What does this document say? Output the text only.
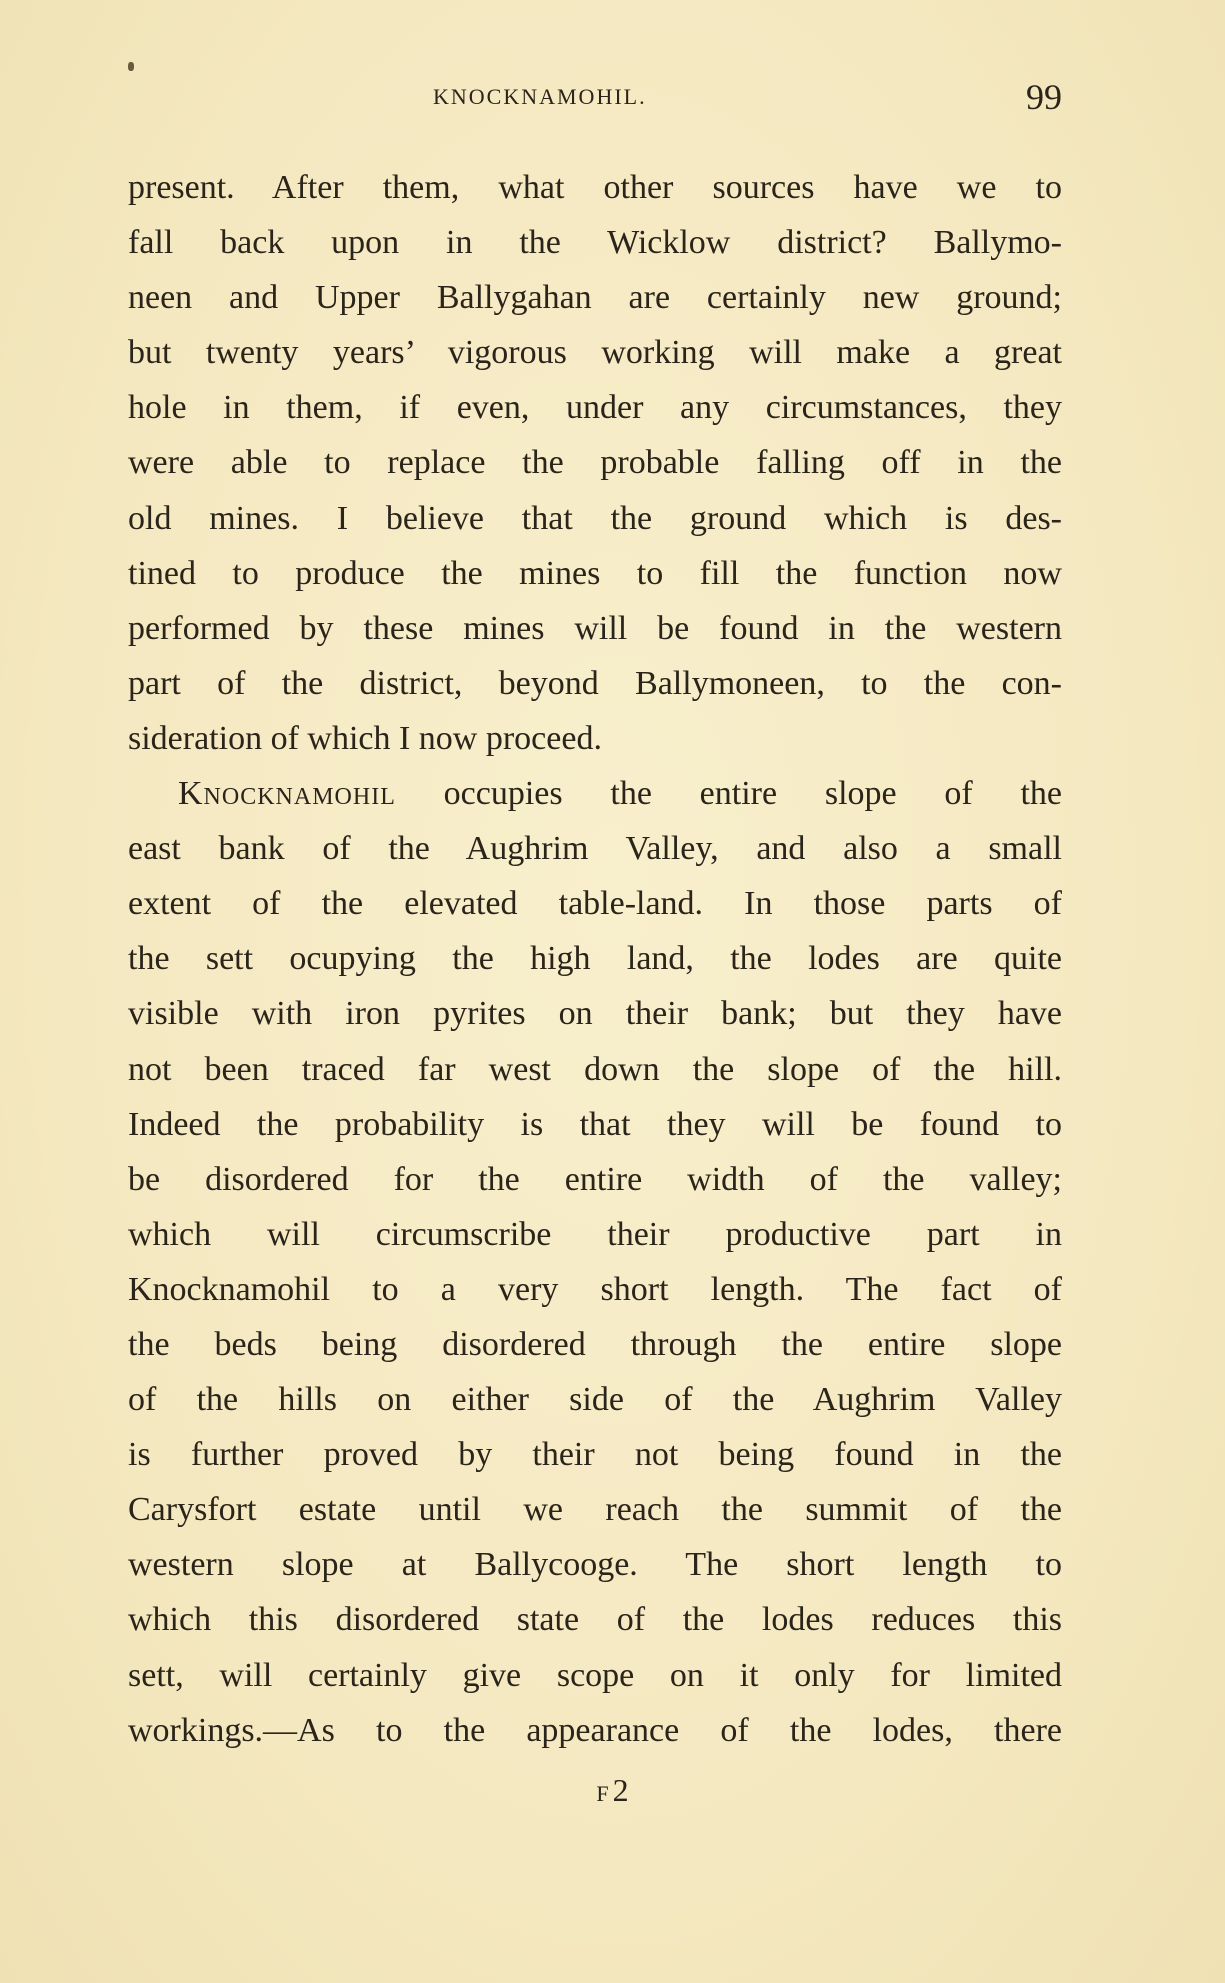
KNOCKNAMOHIL.	99
present. After them, what other sources have we to
fall back upon in the Wicklow district? Ballymo-
neen and Upper Ballygahan are certainly new ground;
but twenty years’ vigorous working will make a great
hole in them, if even, under any circumstances, they
were able to replace the probable falling off in the
old mines. I believe that the ground which is des-
tined to produce the mines to fill the function now
performed by these mines will be found in the western
part of the district, beyond Ballymoneen, to the con-
sideration of which I now proceed.
Knocknamohil occupies the entire slope of the
east bank of the Aughrim Valley, and also a small
extent of the elevated table-land. In those parts of
the sett ocupying the high land, the lodes are quite
visible with iron pyrites on their bank; but they have
not been traced far west down the slope of the hill.
Indeed the probability is that they will be found to
be disordered for the entire width of the valley;
which will circumscribe their productive part in
Knocknamohil to a very short length. The fact of
the beds being disordered through the entire slope
of the hills on either side of the Aughrim Valley
is further proved by their not being found in the
Carysfort estate until we reach the summit of the
western slope at Ballycooge. The short length to
which this disordered state of the lodes reduces this
sett, will certainly give scope on it only for limited
workings.—As to the appearance of the lodes, there
F 2
